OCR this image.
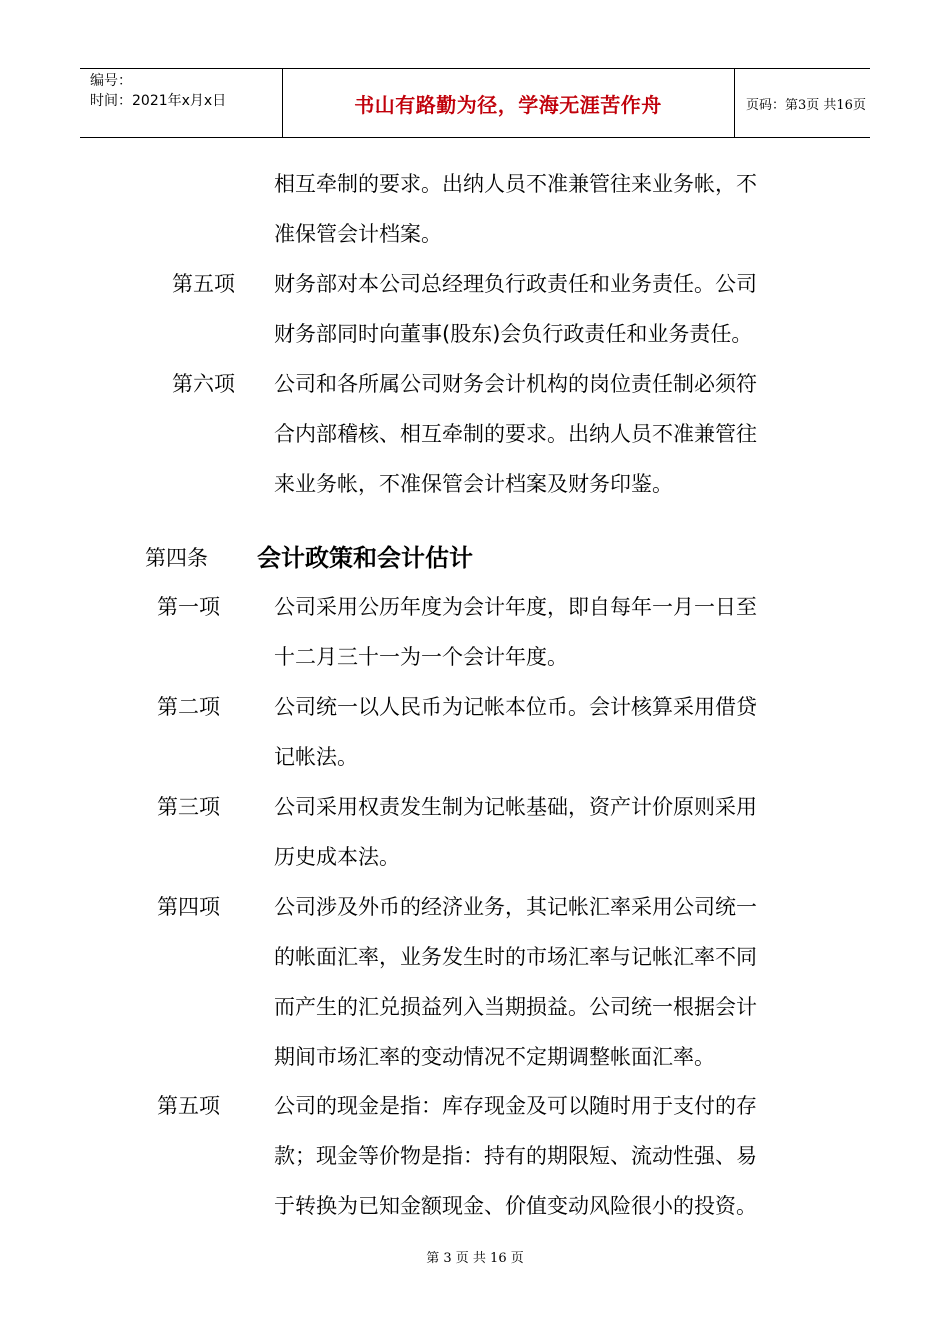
编号：
时间：2021年x月x日	书山有路勤为径，学海无涯苦作舟	页码：第3页 共16页
相互牵制的要求。出纳人员不准兼管往来业务帐，不
准保管会计档案。
第五项 财务部对本公司总经理负行政责任和业务责任。公司
财务部同时向董事(股东)会负行政责任和业务责任。
第六项 公司和各所属公司财务会计机构的岗位责任制必须符
合内部稽核、相互牵制的要求。出纳人员不准兼管往
来业务帐，不准保管会计档案及财务印鉴。
第四条 会计政策和会计估计
第一项	公司采用公历年度为会计年度，即自每年一月一日至
十二月三十一为一个会计年度。
第二项	公司统一以人民币为记帐本位币。会计核算采用借贷
记帐法。
第三项	公司采用权责发生制为记帐基础，资产计价原则采用
历史成本法。
第四项	公司涉及外币的经济业务，其记帐汇率采用公司统一
的帐面汇率，业务发生时的市场汇率与记帐汇率不同
而产生的汇兑损益列入当期损益。公司统一根据会计
期间市场汇率的变动情况不定期调整帐面汇率。
第五项	公司的现金是指：库存现金及可以随时用于支付的存
款；现金等价物是指：持有的期限短、流动性强、易
于转换为已知金额现金、价值变动风险很小的投资。
第 3 页 共 16 页
